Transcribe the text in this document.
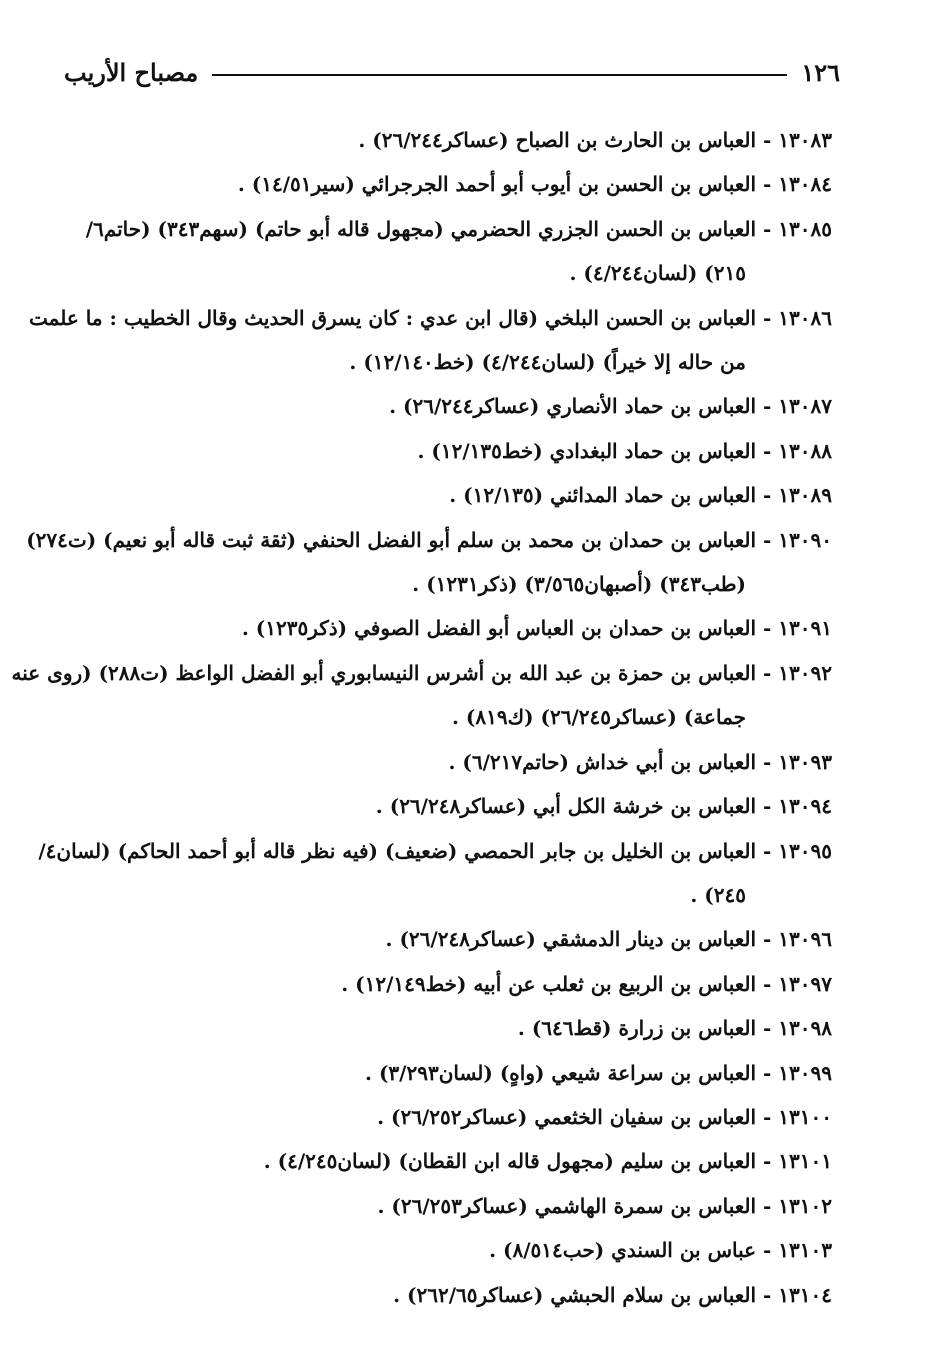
١٢٦
مصباح الأريب
١٣٠٨٣ - العباس بن الحارث بن الصباح (عساكر٢٦/٢٤٤) .
١٣٠٨٤ - العباس بن الحسن بن أيوب أبو أحمد الجرجرائي (سير١٤/٥١) .
١٣٠٨٥ - العباس بن الحسن الجزري الحضرمي (مجهول قاله أبو حاتم) (سهم٣٤٣) (حاتم٦/
٢١٥) (لسان٤/٢٤٤) .
١٣٠٨٦ - العباس بن الحسن البلخي (قال ابن عدي : كان يسرق الحديث وقال الخطيب : ما علمت
من حاله إلا خيراً) (لسان٤/٢٤٤) (خط١٢/١٤٠) .
١٣٠٨٧ - العباس بن حماد الأنصاري (عساكر٢٦/٢٤٤) .
١٣٠٨٨ - العباس بن حماد البغدادي (خط١٢/١٣٥) .
١٣٠٨٩ - العباس بن حماد المدائني (١٢/١٣٥) .
١٣٠٩٠ - العباس بن حمدان بن محمد بن سلم أبو الفضل الحنفي (ثقة ثبت قاله أبو نعيم) (ت٢٧٤)
(طب٣٤٣) (أصبهان٣/٥٦٥) (ذكر١٢٣١) .
١٣٠٩١ - العباس بن حمدان بن العباس أبو الفضل الصوفي (ذكر١٢٣٥) .
١٣٠٩٢ - العباس بن حمزة بن عبد الله بن أشرس النيسابوري أبو الفضل الواعظ (ت٢٨٨) (روى عنه
جماعة) (عساكر٢٦/٢٤٥) (ك٨١٩) .
١٣٠٩٣ - العباس بن أبي خداش (حاتم٦/٢١٧) .
١٣٠٩٤ - العباس بن خرشة الكل أبي (عساكر٢٦/٢٤٨) .
١٣٠٩٥ - العباس بن الخليل بن جابر الحمصي (ضعيف) (فيه نظر قاله أبو أحمد الحاكم) (لسان٤/
٢٤٥) .
١٣٠٩٦ - العباس بن دينار الدمشقي (عساكر٢٦/٢٤٨) .
١٣٠٩٧ - العباس بن الربيع بن ثعلب عن أبيه (خط١٢/١٤٩) .
١٣٠٩٨ - العباس بن زرارة (قط٦٤٦) .
١٣٠٩٩ - العباس بن سراعة شيعي (واهٍ) (لسان٣/٢٩٣) .
١٣١٠٠ - العباس بن سفيان الخثعمي (عساكر٢٦/٢٥٢) .
١٣١٠١ - العباس بن سليم (مجهول قاله ابن القطان) (لسان٤/٢٤٥) .
١٣١٠٢ - العباس بن سمرة الهاشمي (عساكر٢٦/٢٥٣) .
١٣١٠٣ - عباس بن السندي (حب٨/٥١٤) .
١٣١٠٤ - العباس بن سلام الحبشي (عساكر٢٦٢/٦٥) .
